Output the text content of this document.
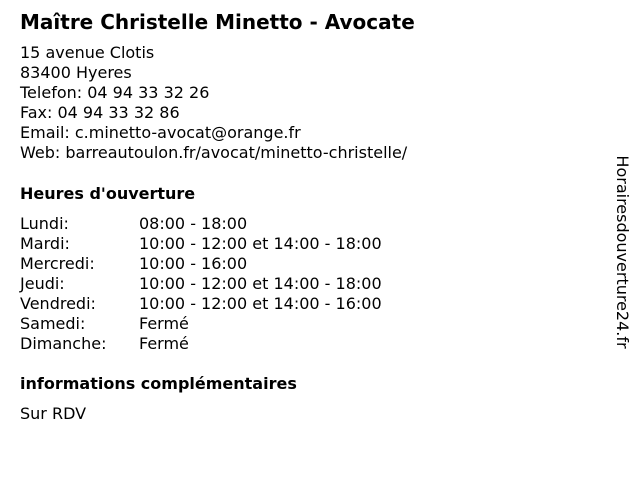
Maître Christelle Minetto - Avocate
15 avenue Clotis
83400 Hyeres
Telefon: 04 94 33 32 26
Fax: 04 94 33 32 86
Email: c.minetto-avocat@orange.fr
Web: barreautoulon.fr/avocat/minetto-christelle/
Heures d'ouverture
Lundi:	08:00 - 18:00
Mardi:	10:00 - 12:00 et 14:00 - 18:00
Mercredi:	10:00 - 16:00
Jeudi:	10:00 - 12:00 et 14:00 - 18:00
Vendredi:	10:00 - 12:00 et 14:00 - 16:00
Samedi:	Fermé
Dimanche:	Fermé
informations complémentaires
Sur RDV
Horairesdouverture24.fr
